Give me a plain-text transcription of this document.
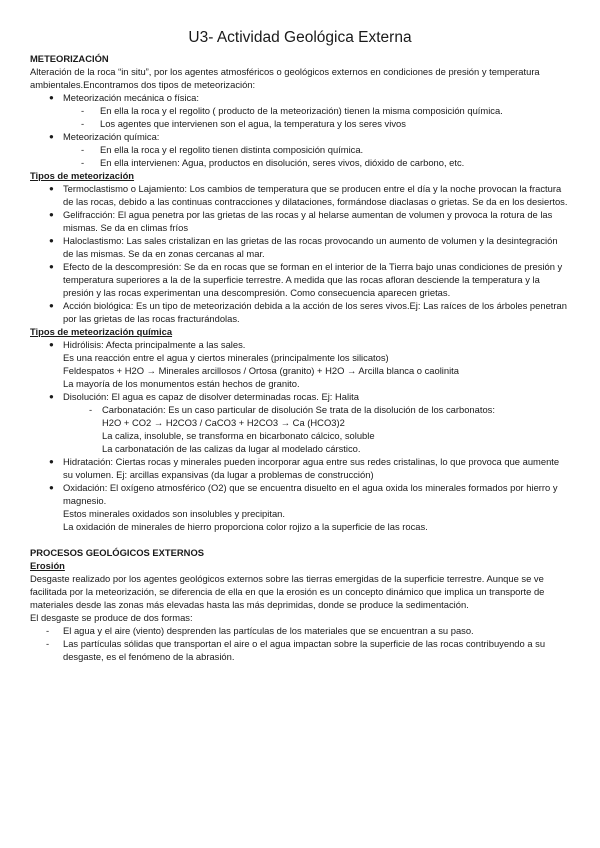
U3- Actividad Geológica Externa

METEORIZACIÓN

Alteración de la roca “in situ”, por los agentes atmosféricos o geológicos externos en condiciones de presión y temperatura ambientales.Encontramos dos tipos de meteorización:

● Meteorización mecánica o física:
- En ella la roca y el regolito ( producto de la meteorización) tienen la misma composición química.
- Los agentes que intervienen son el agua, la temperatura y los seres vivos
● Meteorización química:
- En ella la roca y el regolito tienen distinta composición química.
- En ella intervienen: Agua, productos en disolución, seres vivos, dióxido de carbono, etc.

Tipos de meteorización

● Termoclastismo o Lajamiento: Los cambios de temperatura que se producen entre el día y la noche provocan la fractura de las rocas, debido a las continuas contracciones y dilataciones, formándose diaclasas o grietas. Se da en los desiertos.
● Gelifracción: El agua penetra por las grietas de las rocas y al helarse aumentan de volumen y provoca la rotura de las mismas. Se da en climas fríos
● Haloclastismo: Las sales cristalizan en las grietas de las rocas provocando un aumento de volumen y la desintegración de las mismas. Se da en zonas cercanas al mar.
● Efecto de la descompresión: Se da en rocas que se forman en el interior de la Tierra bajo unas condiciones de presión y temperatura superiores a la de la superficie terrestre. A medida que las rocas afloran desciende la temperatura y la presión y las rocas experimentan una descompresión. Como consecuencia aparecen grietas.
● Acción biológica: Es un tipo de meteorización debida a la acción de los seres vivos.Ej: Las raíces de los árboles penetran por las grietas de las rocas fracturándolas.

Tipos de meteorización química

● Hidrólisis: Afecta principalmente a las sales.
Es una reacción entre el agua y ciertos minerales (principalmente los silicatos)
Feldespatos + H2O → Minerales arcillosos / Ortosa (granito) + H2O → Arcilla blanca o caolinita
La mayoría de los monumentos están hechos de granito.
● Disolución: El agua es capaz de disolver determinadas rocas. Ej: Halita
- Carbonatación: Es un caso particular de disolución Se trata de la disolución de los carbonatos:
H2O + CO2 → H2CO3 / CaCO3 + H2CO3 → Ca (HCO3)2
La caliza, insoluble, se transforma en bicarbonato cálcico, soluble
La carbonatación de las calizas da lugar al modelado cárstico.
● Hidratación: Ciertas rocas y minerales pueden incorporar agua entre sus redes cristalinas, lo que provoca que aumente su volumen. Ej: arcillas expansivas (da lugar a problemas de construcción)
● Oxidación: El oxígeno atmosférico (O2) que se encuentra disuelto en el agua oxida los minerales formados por hierro y magnesio.
Estos minerales oxidados son insolubles y precipitan.
La oxidación de minerales de hierro proporciona color rojizo a la superficie de las rocas.

PROCESOS GEOLÓGICOS EXTERNOS

Erosión

Desgaste realizado por los agentes geológicos externos sobre las tierras emergidas de la superficie terrestre. Aunque se ve facilitada por la meteorización, se diferencia de ella en que la erosión es un concepto dinámico que implica un transporte de materiales desde las zonas más elevadas hasta las más deprimidas, donde se produce la sedimentación.

El desgaste se produce de dos formas:

- El agua y el aire (viento) desprenden las partículas de los materiales que se encuentran a su paso.
- Las partículas sólidas que transportan el aire o el agua impactan sobre la superficie de las rocas contribuyendo a su desgaste, es el fenómeno de la abrasión.
